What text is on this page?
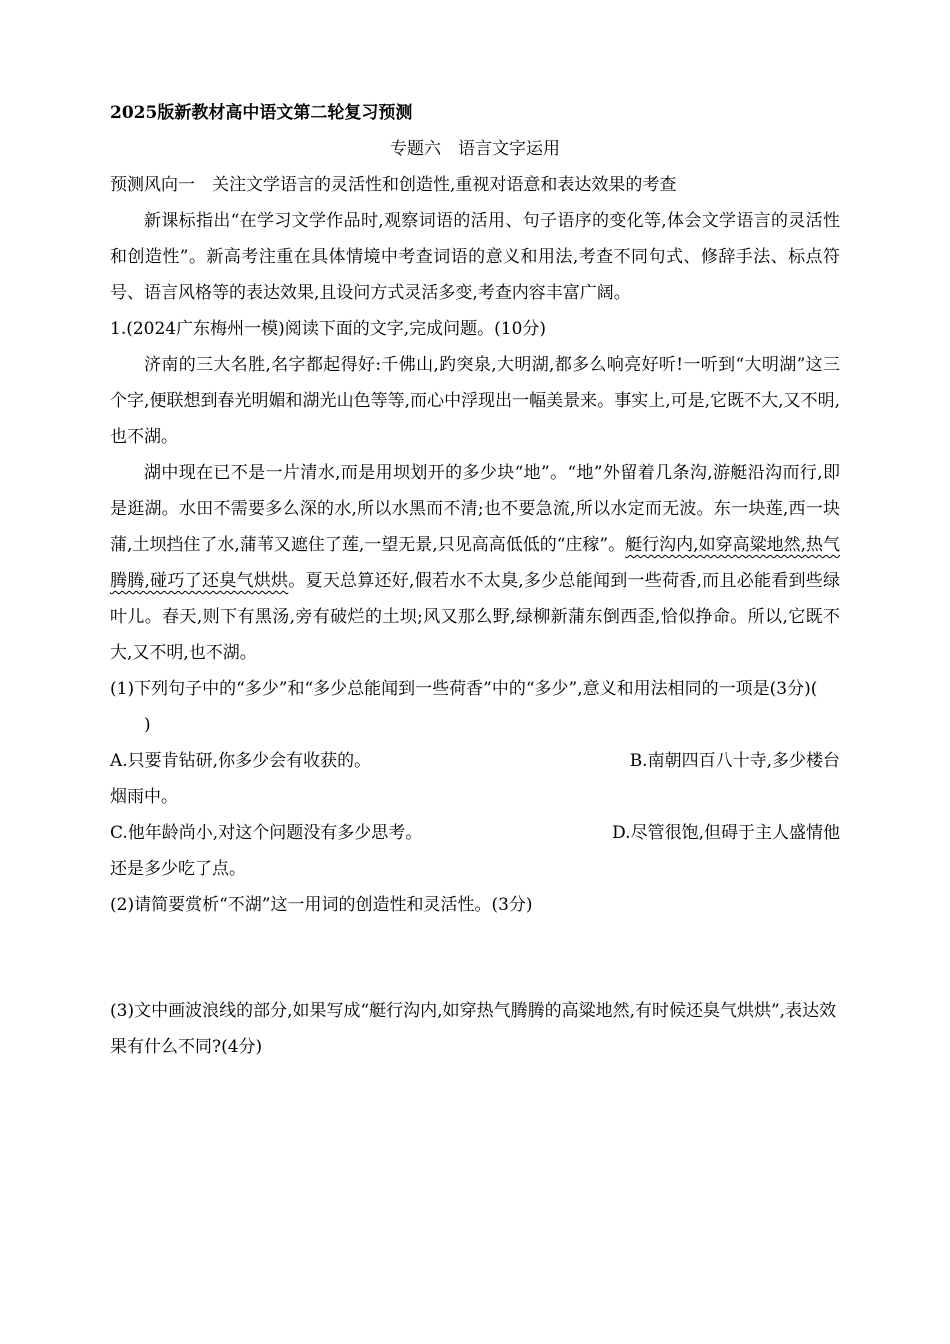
2025版新教材高中语文第二轮复习预测
专题六　语言文字运用
预测风向一　关注文学语言的灵活性和创造性,重视对语意和表达效果的考查
新课标指出“在学习文学作品时,观察词语的活用、句子语序的变化等,体会文学语言的灵活性和创造性”。新高考注重在具体情境中考查词语的意义和用法,考查不同句式、修辞手法、标点符号、语言风格等的表达效果,且设问方式灵活多变,考查内容丰富广阔。
1.(2024广东梅州一模)阅读下面的文字,完成问题。(10分)
济南的三大名胜,名字都起得好:千佛山,趵突泉,大明湖,都多么响亮好听!一听到“大明湖”这三个字,便联想到春光明媚和湖光山色等等,而心中浮现出一幅美景来。事实上,可是,它既不大,又不明,也不湖。
湖中现在已不是一片清水,而是用坝划开的多少块“地”。“地”外留着几条沟,游艇沿沟而行,即是逛湖。水田不需要多么深的水,所以水黑而不清;也不要急流,所以水定而无波。东一块莲,西一块蒲,土坝挡住了水,蒲苇又遮住了莲,一望无景,只见高高低低的“庄稼”。艇行沟内,如穿高粱地然,热气腾腾,碰巧了还臭气烘烘。夏天总算还好,假若水不太臭,多少总能闻到一些荷香,而且必能看到些绿叶儿。春天,则下有黑汤,旁有破烂的土坝;风又那么野,绿柳新蒲东倒西歪,恰似挣命。所以,它既不大,又不明,也不湖。
(1)下列句子中的“多少”和“多少总能闻到一些荷香”中的“多少”,意义和用法相同的一项是(3分)()
A.只要肯钻研,你多少会有收获的。	B.南朝四百八十寺,多少楼台
烟雨中。
C.他年龄尚小,对这个问题没有多少思考。	D.尽管很饱,但碍于主人盛情他
还是多少吃了点。
(2)请简要赏析“不湖”这一用词的创造性和灵活性。(3分)
(3)文中画波浪线的部分,如果写成“艇行沟内,如穿热气腾腾的高粱地然,有时候还臭气烘烘”,表达效果有什么不同?(4分)
